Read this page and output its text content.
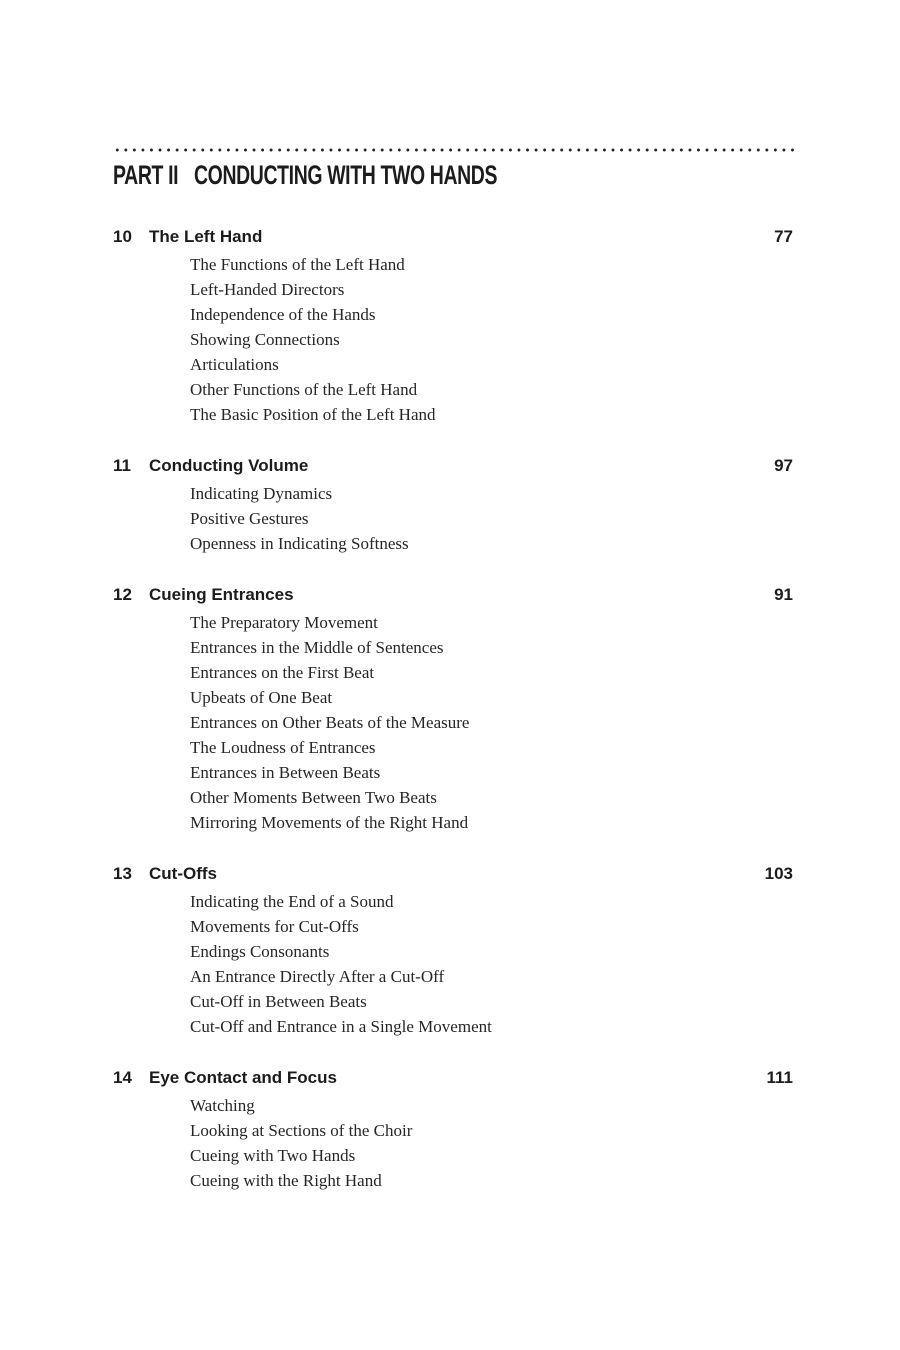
PART II CONDUCTING WITH TWO HANDS
10 The Left Hand	77
The Functions of the Left Hand
Left-Handed Directors
Independence of the Hands
Showing Connections
Articulations
Other Functions of the Left Hand
The Basic Position of the Left Hand
11 Conducting Volume	97
Indicating Dynamics
Positive Gestures
Openness in Indicating Softness
12 Cueing Entrances	91
The Preparatory Movement
Entrances in the Middle of Sentences
Entrances on the First Beat
Upbeats of One Beat
Entrances on Other Beats of the Measure
The Loudness of Entrances
Entrances in Between Beats
Other Moments Between Two Beats
Mirroring Movements of the Right Hand
13 Cut-Offs	103
Indicating the End of a Sound
Movements for Cut-Offs
Endings Consonants
An Entrance Directly After a Cut-Off
Cut-Off in Between Beats
Cut-Off and Entrance in a Single Movement
14 Eye Contact and Focus	111
Watching
Looking at Sections of the Choir
Cueing with Two Hands
Cueing with the Right Hand
